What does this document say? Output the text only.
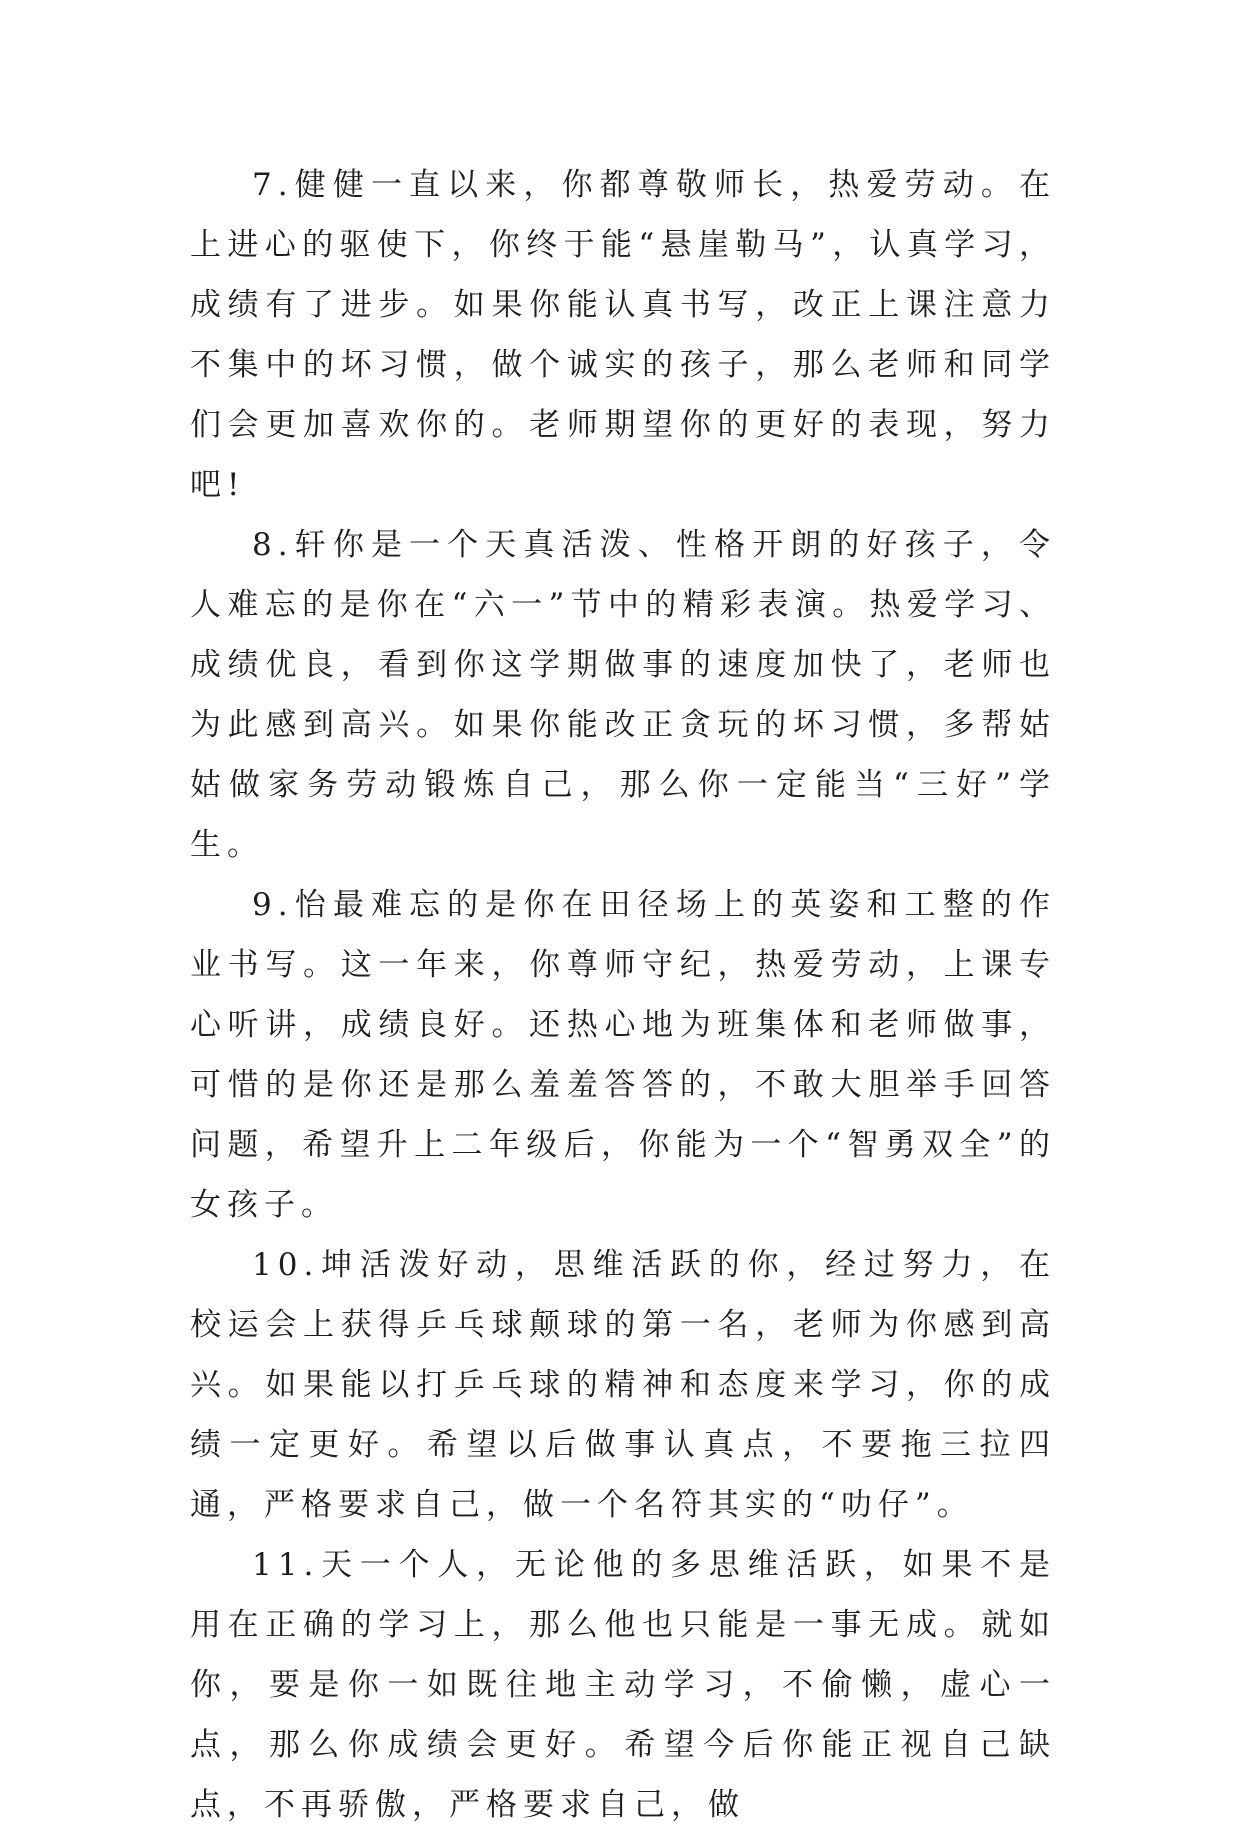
7.健健一直以来，你都尊敬师长，热爱劳动。在上进心的驱使下，你终于能“悬崖勒马”，认真学习，成绩有了进步。如果你能认真书写，改正上课注意力不集中的坏习惯，做个诚实的孩子，那么老师和同学们会更加喜欢你的。老师期望你的更好的表现，努力吧!

8.轩你是一个天真活泼、性格开朗的好孩子，令人难忘的是你在“六一”节中的精彩表演。热爱学习、成绩优良，看到你这学期做事的速度加快了，老师也为此感到高兴。如果你能改正贪玩的坏习惯，多帮姑姑做家务劳动锻炼自己，那么你一定能当“三好”学生。

9.怡最难忘的是你在田径场上的英姿和工整的作业书写。这一年来，你尊师守纪，热爱劳动，上课专心听讲，成绩良好。还热心地为班集体和老师做事，可惜的是你还是那么羞羞答答的，不敢大胆举手回答问题，希望升上二年级后，你能为一个“智勇双全”的女孩子。

10.坤活泼好动，思维活跃的你，经过努力，在校运会上获得乒乓球颠球的第一名，老师为你感到高兴。如果能以打乒乓球的精神和态度来学习，你的成绩一定更好。希望以后做事认真点，不要拖三拉四通，严格要求自己，做一个名符其实的“叻仔”。

11.天一个人，无论他的多思维活跃，如果不是用在正确的学习上，那么他也只能是一事无成。就如你，要是你一如既往地主动学习，不偷懒，虚心一点，那么你成绩会更好。希望今后你能正视自己缺点，不再骄傲，严格要求自己，做
